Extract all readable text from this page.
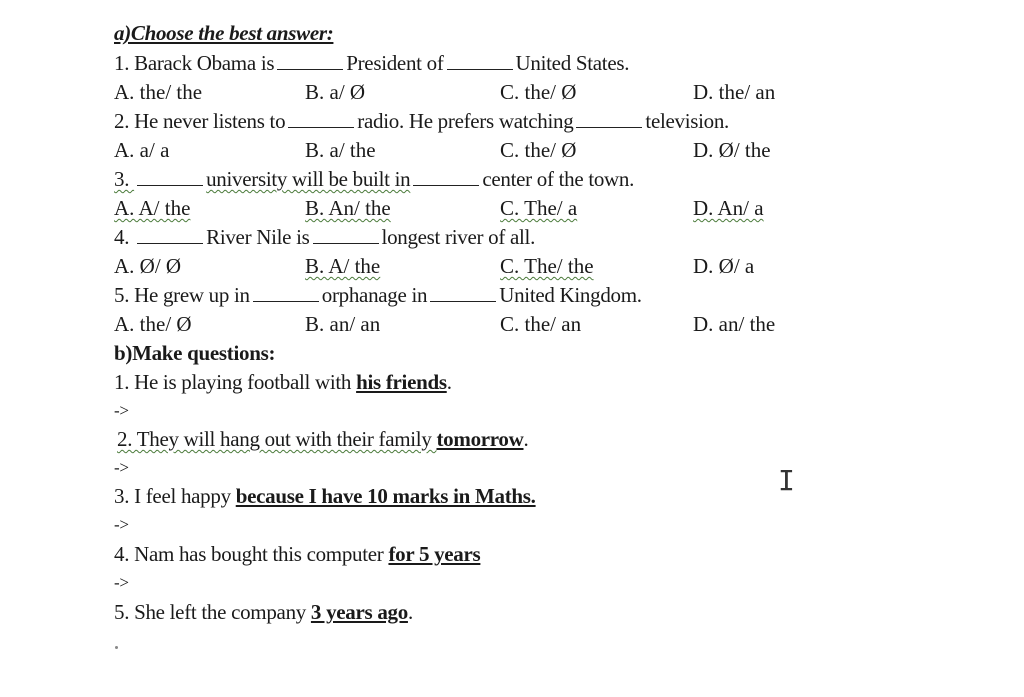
a)Choose the best answer:
1. Barack Obama is	President of	United States.
A. the/ the	B. a/ Ø	C. the/ Ø	D. the/ an
2. He never listens to	radio. He prefers watching	television.
A. a/ a	B. a/ the	C. the/ Ø	D. Ø/ the
3.	university will be built in	center of the town.
A. A/ the	B. An/ the	C. The/ a	D. An/ a
4.	River Nile is	longest river of all.
A. Ø/ Ø	B. A/ the	C. The/ the	D. Ø/ a
5. He grew up in	orphanage in	United Kingdom.
A. the/ Ø	B. an/ an	C. the/ an	D. an/ the
b)Make questions:
1. He is playing football with his friends.
->
2. They will hang out with their family tomorrow.
->
3. I feel happy because I have 10 marks in Maths.
->
4. Nam has bought this computer for 5 years
->
5. She left the company 3 years ago.
I
